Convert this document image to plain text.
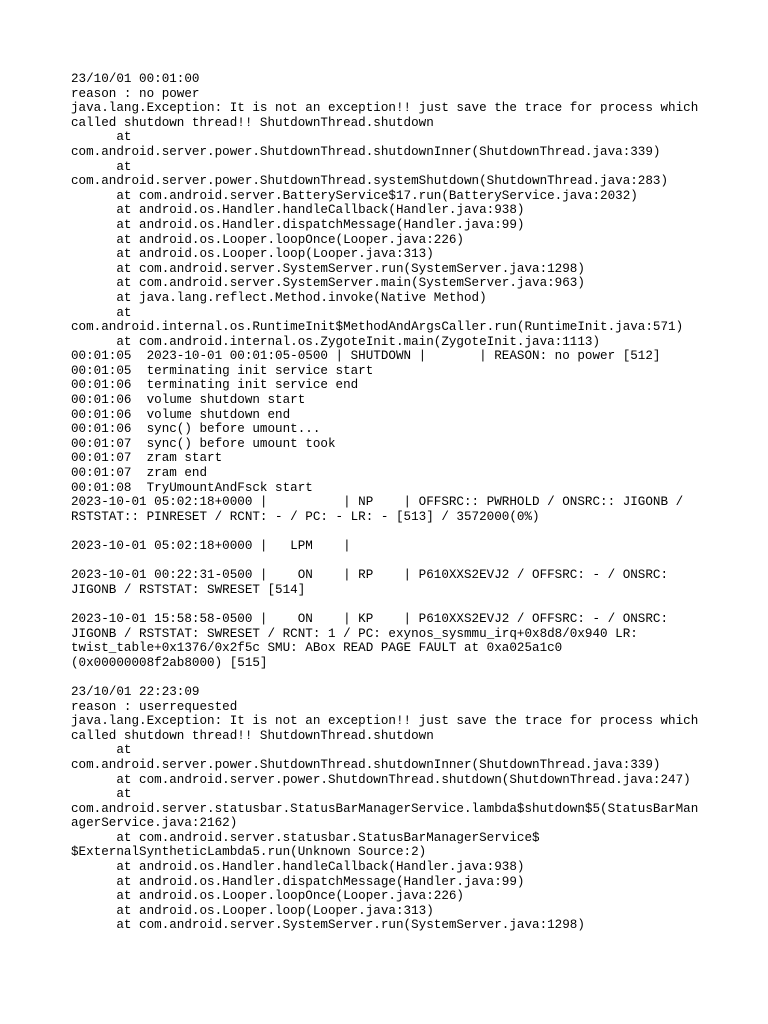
23/10/01 00:01:00
reason : no power
java.lang.Exception: It is not an exception!! just save the trace for process which
called shutdown thread!! ShutdownThread.shutdown
at
com.android.server.power.ShutdownThread.shutdownInner(ShutdownThread.java:339)
at
com.android.server.power.ShutdownThread.systemShutdown(ShutdownThread.java:283)
at com.android.server.BatteryService$17.run(BatteryService.java:2032)
at android.os.Handler.handleCallback(Handler.java:938)
at android.os.Handler.dispatchMessage(Handler.java:99)
at android.os.Looper.loopOnce(Looper.java:226)
at android.os.Looper.loop(Looper.java:313)
at com.android.server.SystemServer.run(SystemServer.java:1298)
at com.android.server.SystemServer.main(SystemServer.java:963)
at java.lang.reflect.Method.invoke(Native Method)
at
com.android.internal.os.RuntimeInit$MethodAndArgsCaller.run(RuntimeInit.java:571)
at com.android.internal.os.ZygoteInit.main(ZygoteInit.java:1113)
00:01:05  2023-10-01 00:01:05-0500 | SHUTDOWN |       | REASON: no power [512]
00:01:05  terminating init service start
00:01:06  terminating init service end
00:01:06  volume shutdown start
00:01:06  volume shutdown end
00:01:06  sync() before umount...
00:01:07  sync() before umount took
00:01:07  zram start
00:01:07  zram end
00:01:08  TryUmountAndFsck start
2023-10-01 05:02:18+0000 |          | NP    | OFFSRC:: PWRHOLD / ONSRC:: JIGONB /
RSTSTAT:: PINRESET / RCNT: - / PC: - LR: - [513] / 3572000(0%)
2023-10-01 05:02:18+0000 |   LPM    |
2023-10-01 00:22:31-0500 |    ON    | RP    | P610XXS2EVJ2 / OFFSRC: - / ONSRC:
JIGONB / RSTSTAT: SWRESET [514]
2023-10-01 15:58:58-0500 |    ON    | KP    | P610XXS2EVJ2 / OFFSRC: - / ONSRC:
JIGONB / RSTSTAT: SWRESET / RCNT: 1 / PC: exynos_sysmmu_irq+0x8d8/0x940 LR:
twist_table+0x1376/0x2f5c SMU: ABox READ PAGE FAULT at 0xa025a1c0
(0x00000008f2ab8000) [515]
23/10/01 22:23:09
reason : userrequested
java.lang.Exception: It is not an exception!! just save the trace for process which
called shutdown thread!! ShutdownThread.shutdown
at
com.android.server.power.ShutdownThread.shutdownInner(ShutdownThread.java:339)
at com.android.server.power.ShutdownThread.shutdown(ShutdownThread.java:247)
at
com.android.server.statusbar.StatusBarManagerService.lambda$shutdown$5(StatusBarMan
agerService.java:2162)
at com.android.server.statusbar.StatusBarManagerService$
$ExternalSyntheticLambda5.run(Unknown Source:2)
at android.os.Handler.handleCallback(Handler.java:938)
at android.os.Handler.dispatchMessage(Handler.java:99)
at android.os.Looper.loopOnce(Looper.java:226)
at android.os.Looper.loop(Looper.java:313)
at com.android.server.SystemServer.run(SystemServer.java:1298)
